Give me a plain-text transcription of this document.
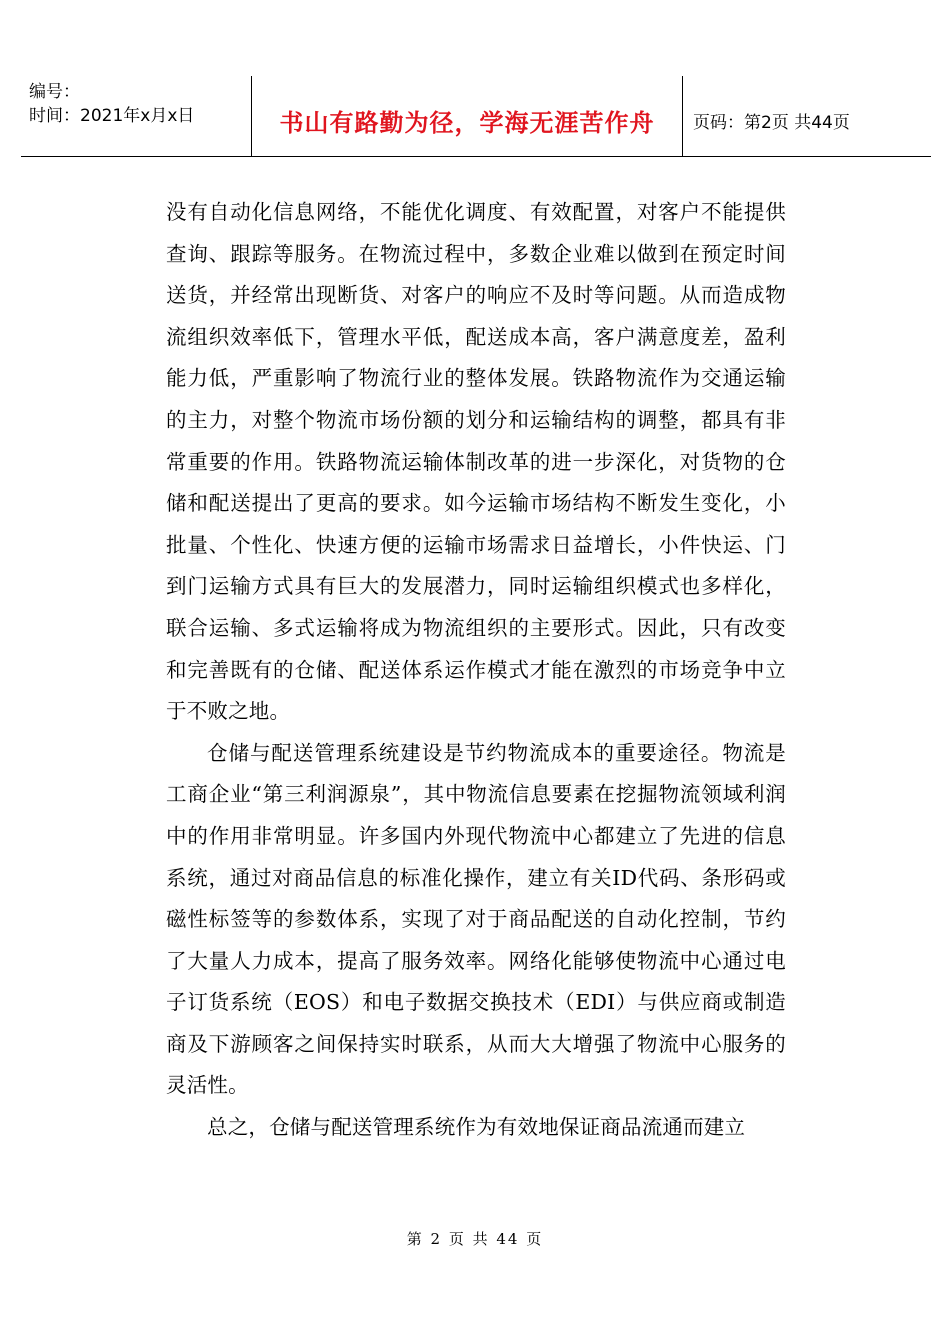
编号：
时间：2021年x月x日	书山有路勤为径，学海无涯苦作舟	页码：第2页 共44页

没有自动化信息网络，不能优化调度、有效配置，对客户不能提供查询、跟踪等服务。在物流过程中，多数企业难以做到在预定时间送货，并经常出现断货、对客户的响应不及时等问题。从而造成物流组织效率低下，管理水平低，配送成本高，客户满意度差，盈利能力低，严重影响了物流行业的整体发展。铁路物流作为交通运输的主力，对整个物流市场份额的划分和运输结构的调整，都具有非常重要的作用。铁路物流运输体制改革的进一步深化，对货物的仓储和配送提出了更高的要求。如今运输市场结构不断发生变化，小批量、个性化、快速方便的运输市场需求日益增长，小件快运、门到门运输方式具有巨大的发展潜力，同时运输组织模式也多样化，联合运输、多式运输将成为物流组织的主要形式。因此，只有改变和完善既有的仓储、配送体系运作模式才能在激烈的市场竞争中立于不败之地。

仓储与配送管理系统建设是节约物流成本的重要途径。物流是工商企业“第三利润源泉”，其中物流信息要素在挖掘物流领域利润中的作用非常明显。许多国内外现代物流中心都建立了先进的信息系统，通过对商品信息的标准化操作，建立有关ID代码、条形码或磁性标签等的参数体系，实现了对于商品配送的自动化控制，节约了大量人力成本，提高了服务效率。网络化能够使物流中心通过电子订货系统（EOS）和电子数据交换技术（EDI）与供应商或制造商及下游顾客之间保持实时联系，从而大大增强了物流中心服务的灵活性。

总之，仓储与配送管理系统作为有效地保证商品流通而建立

第 2 页 共 44 页
